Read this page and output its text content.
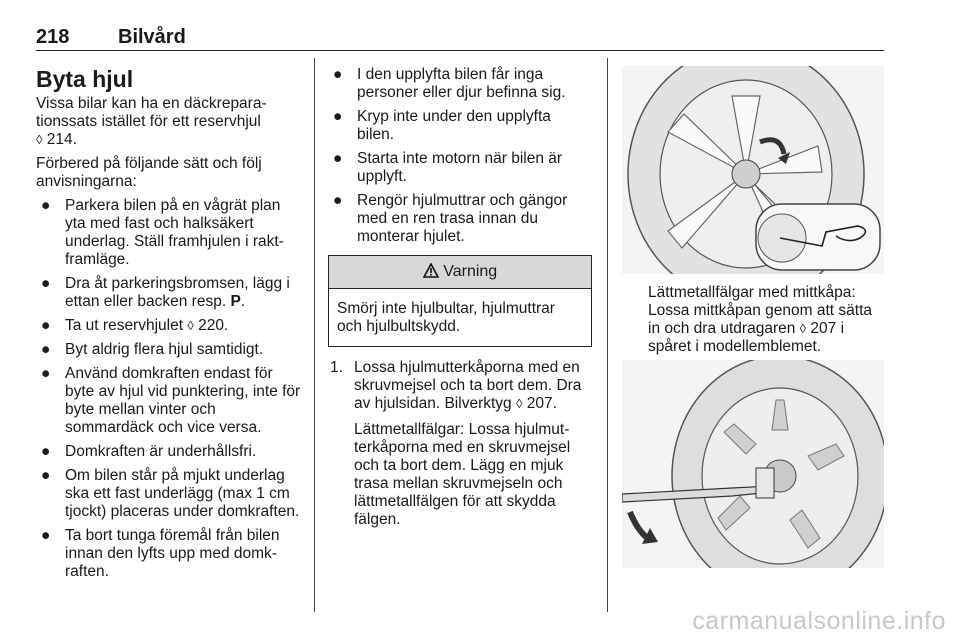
218 Bilvård
Byta hjul

Vissa bilar kan ha en däckrepara-tionssats istället för ett reservhjul
◊ 214.

Förbered på följande sätt och följ anvisningarna:

● Parkera bilen på en vågrät plan yta med fast och halksäkert underlag. Ställ framhjulen i rakt-framläge.
● Dra åt parkeringsbromsen, lägg i ettan eller backen resp. P.
● Ta ut reservhjulet ◊ 220.
● Byt aldrig flera hjul samtidigt.
● Använd domkraften endast för byte av hjul vid punktering, inte för byte mellan vinter och sommardäck och vice versa.
● Domkraften är underhållsfri.
● Om bilen står på mjukt underlag ska ett fast underlägg (max 1 cm tjockt) placeras under domkraften.
● Ta bort tunga föremål från bilen innan den lyfts upp med domk-raften.
● I den upplyfta bilen får inga personer eller djur befinna sig.
● Kryp inte under den upplyfta bilen.
● Starta inte motorn när bilen är upplyft.
● Rengör hjulmuttrar och gängor med en ren trasa innan du monterar hjulet.
Varning
Smörj inte hjulbultar, hjulmuttrar och hjulbultskydd.
1. Lossa hjulmutterkåporna med en skruvmejsel och ta bort dem. Dra av hjulsidan. Bilverktyg ◊ 207.
Lättmetallfälgar: Lossa hjulmut-terkåporna med en skruvmejsel och ta bort dem. Lägg en mjuk trasa mellan skruvmejseln och lättmetallfälgen för att skydda fälgen.
Lättmetallfälgar med mittkåpa: Lossa mittkåpan genom att sätta in och dra utdragaren ◊ 207 i
spåret i modellemblemet.
carmanualsonline.info
